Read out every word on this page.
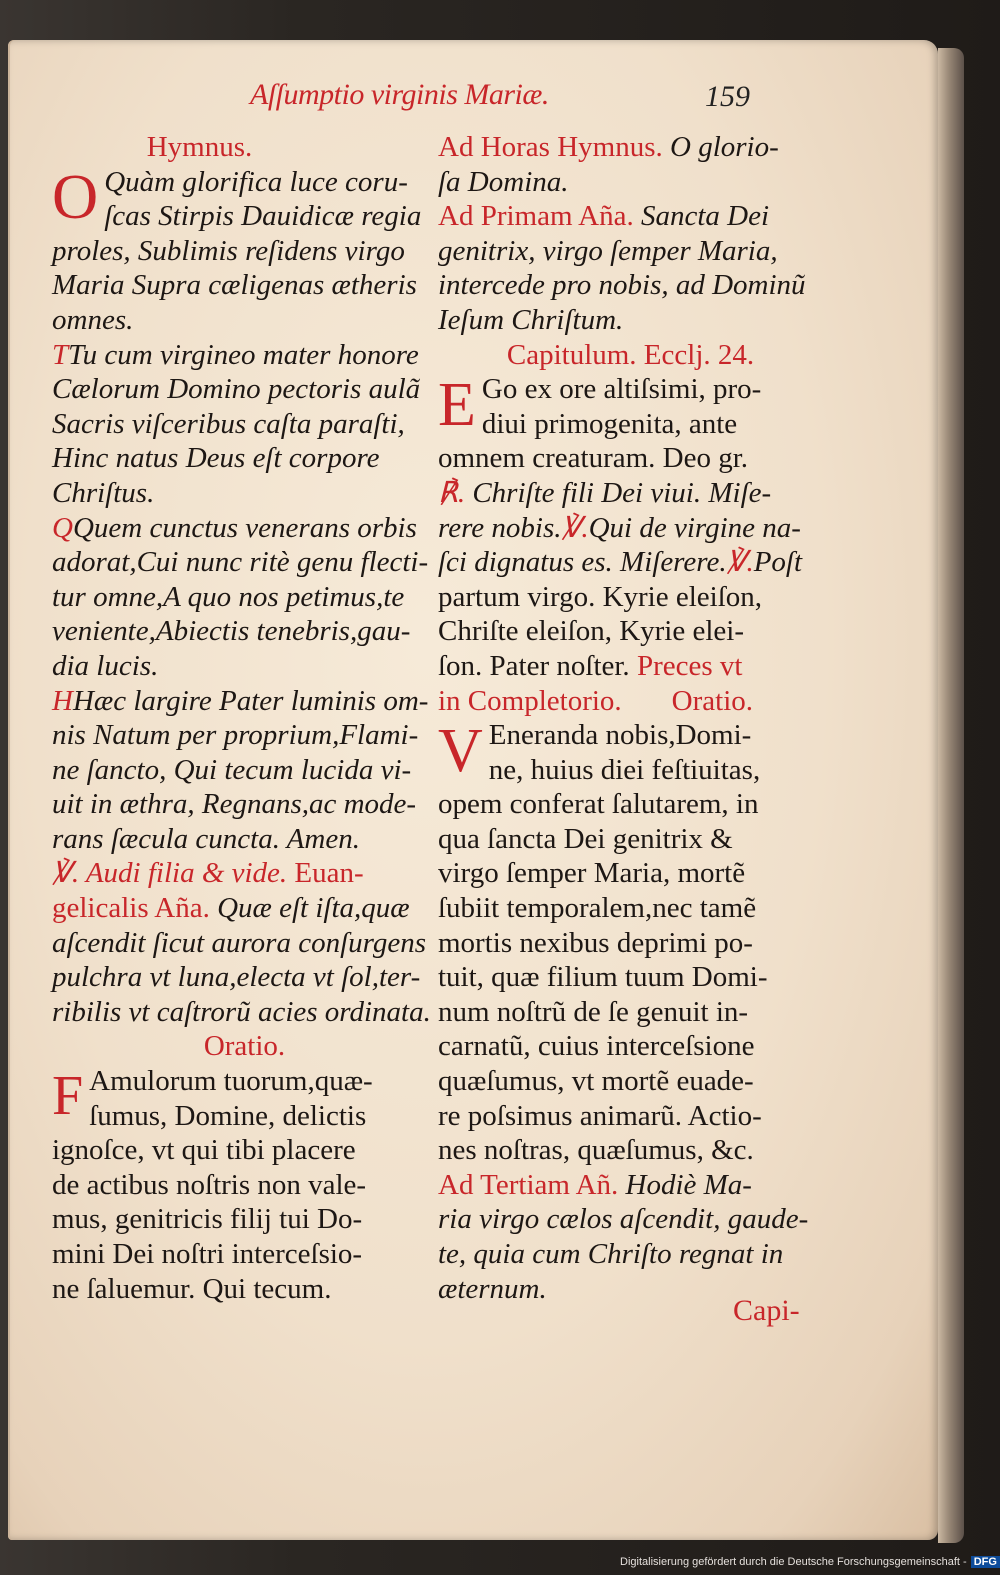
Aſſumptio virginis Mariæ.	159

Hymnus.

O Quàm glorifica luce coru-

ſcas Stirpis Dauidicæ regia

proles, Sublimis reſidens virgo

Maria Supra cæligenas ætheris

omnes.

TTu cum virgineo mater honore

Cælorum Domino pectoris aulã

Sacris viſceribus caſta paraſti,

Hinc natus Deus eſt corpore

Chriſtus.

QQuem cunctus venerans orbis

adorat,Cui nunc ritè genu flecti-

tur omne,A quo nos petimus,te

veniente,Abiectis tenebris,gau-

dia lucis.

HHæc largire Pater luminis om-

nis Natum per proprium,Flami-

ne ſancto, Qui tecum lucida vi-

uit in æthra, Regnans,ac mode-

rans ſæcula cuncta. Amen.

℣. Audi filia & vide. Euan-

gelicalis Aña. Quæ eſt iſta,quæ

aſcendit ſicut aurora conſurgens

pulchra vt luna,electa vt ſol,ter-

ribilis vt caſtrorũ acies ordinata.

Oratio.

F Amulorum tuorum,quæ-

ſumus, Domine, delictis

ignoſce, vt qui tibi placere

de actibus noſtris non vale-

mus, genitricis filij tui Do-

mini Dei noſtri interceſsio-

ne ſaluemur. Qui tecum.

Ad Horas Hymnus. O glorio-

ſa Domina.

Ad Primam Aña. Sancta Dei

genitrix, virgo ſemper Maria,

intercede pro nobis, ad Dominũ

Ieſum Chriſtum.

Capitulum. Ecclj. 24.

E Go ex ore altiſsimi, pro-

diui primogenita, ante

omnem creaturam. Deo gr.

℟. Chriſte fili Dei viui. Miſe-

rere nobis.℣.Qui de virgine na-

ſci dignatus es. Miſerere.℣.Poſt

partum virgo. Kyrie eleiſon,

Chriſte eleiſon, Kyrie elei-

ſon. Pater noſter. Preces vt

in Completorio. Oratio.

V Eneranda nobis,Domi-

ne, huius diei feſtiuitas,

opem conferat ſalutarem, in

qua ſancta Dei genitrix &

virgo ſemper Maria, mortẽ

ſubiit temporalem,nec tamẽ

mortis nexibus deprimi po-

tuit, quæ filium tuum Domi-

num noſtrũ de ſe genuit in-

carnatũ, cuius interceſsione

quæſumus, vt mortẽ euade-

re poſsimus animarũ. Actio-

nes noſtras, quæſumus, &c.

Ad Tertiam Añ. Hodiè Ma-

ria virgo cælos aſcendit, gaude-

te, quia cum Chriſto regnat in

æternum.

Capi-
Digitalisierung gefördert durch die Deutsche Forschungsgemeinschaft - DFG
